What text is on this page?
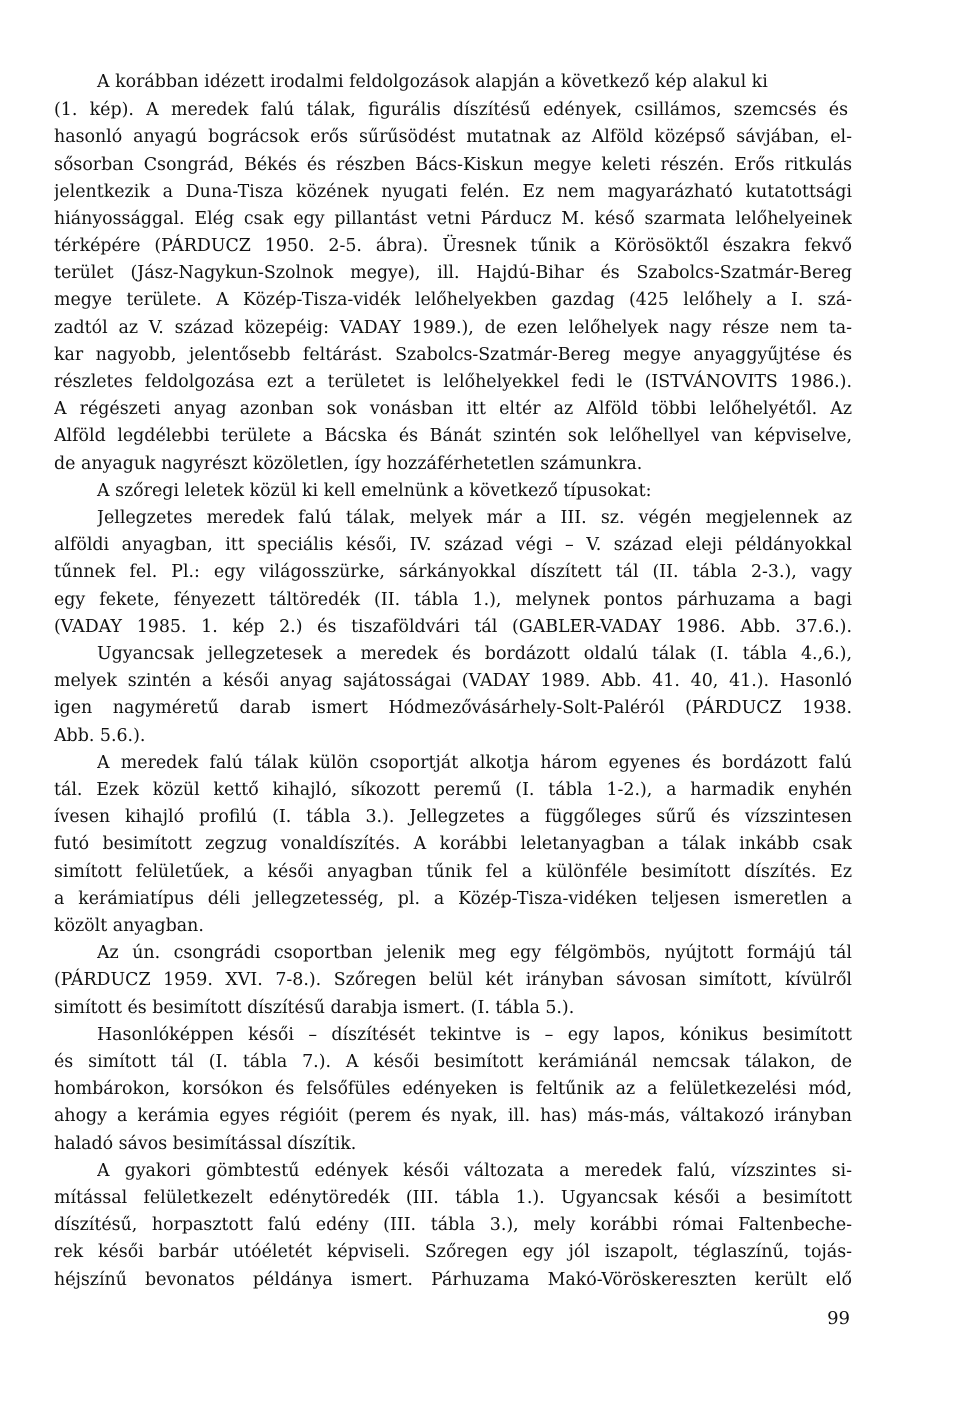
A korábban idézett irodalmi feldolgozások alapján a következő kép alakul ki
(1. kép). A meredek falú tálak, figurális díszítésű edények, csillámos, szemcsés és
hasonló anyagú bográcsok erős sűrűsödést mutatnak az Alföld középső sávjában, el-
sősorban Csongrád, Békés és részben Bács-Kiskun megye keleti részén. Erős ritkulás
jelentkezik a Duna-Tisza közének nyugati felén. Ez nem magyarázható kutatottsági
hiányossággal. Elég csak egy pillantást vetni Párducz M. késő szarmata lelőhelyeinek
térképére (PÁRDUCZ 1950. 2-5. ábra). Üresnek tűnik a Körösöktől északra fekvő
terület (Jász-Nagykun-Szolnok megye), ill. Hajdú-Bihar és Szabolcs-Szatmár-Bereg
megye területe. A Közép-Tisza-vidék lelőhelyekben gazdag (425 lelőhely a I. szá-
zadtól az V. század közepéig: VADAY 1989.), de ezen lelőhelyek nagy része nem ta-
kar nagyobb, jelentősebb feltárást. Szabolcs-Szatmár-Bereg megye anyaggyűjtése és
részletes feldolgozása ezt a területet is lelőhelyekkel fedi le (ISTVÁNOVITS 1986.).
A régészeti anyag azonban sok vonásban itt eltér az Alföld többi lelőhelyétől. Az
Alföld legdélebbi területe a Bácska és Bánát szintén sok lelőhellyel van képviselve,
de anyaguk nagyrészt közöletlen, így hozzáférhetetlen számunkra.
A szőregi leletek közül ki kell emelnünk a következő típusokat:
Jellegzetes meredek falú tálak, melyek már a III. sz. végén megjelennek az
alföldi anyagban, itt speciális késői, IV. század végi – V. század eleji példányokkal
tűnnek fel. Pl.: egy világosszürke, sárkányokkal díszített tál (II. tábla 2-3.), vagy
egy fekete, fényezett táltöredék (II. tábla 1.), melynek pontos párhuzama a bagi
(VADAY 1985. 1. kép 2.) és tiszaföldvári tál (GABLER-VADAY 1986. Abb. 37.6.).
Ugyancsak jellegzetesek a meredek és bordázott oldalú tálak (I. tábla 4.,6.),
melyek szintén a késői anyag sajátosságai (VADAY 1989. Abb. 41. 40, 41.). Hasonló
igen nagyméretű darab ismert Hódmezővásárhely-Solt-Paléról (PÁRDUCZ 1938.
Abb. 5.6.).
A meredek falú tálak külön csoportját alkotja három egyenes és bordázott falú
tál. Ezek közül kettő kihajló, síkozott peremű (I. tábla 1-2.), a harmadik enyhén
ívesen kihajló profilú (I. tábla 3.). Jellegzetes a függőleges sűrű és vízszintesen
futó besimított zegzug vonaldíszítés. A korábbi leletanyagban a tálak inkább csak
simított felületűek, a késői anyagban tűnik fel a különféle besimított díszítés. Ez
a kerámiatípus déli jellegzetesség, pl. a Közép-Tisza-vidéken teljesen ismeretlen a
közölt anyagban.
Az ún. csongrádi csoportban jelenik meg egy félgömbös, nyújtott formájú tál
(PÁRDUCZ 1959. XVI. 7-8.). Szőregen belül két irányban sávosan simított, kívülről
simított és besimított díszítésű darabja ismert. (I. tábla 5.).
Hasonlóképpen késői – díszítését tekintve is – egy lapos, kónikus besimított
és simított tál (I. tábla 7.). A késői besimított kerámiánál nemcsak tálakon, de
hombárokon, korsókon és felsőfüles edényeken is feltűnik az a felületkezelési mód,
ahogy a kerámia egyes régióit (perem és nyak, ill. has) más-más, váltakozó irányban
haladó sávos besimítással díszítik.
A gyakori gömbtestű edények késői változata a meredek falú, vízszintes si-
mítással felületkezelt edénytöredék (III. tábla 1.). Ugyancsak késői a besimított
díszítésű, horpasztott falú edény (III. tábla 3.), mely korábbi római Faltenbeche-
rek késői barbár utóéletét képviseli. Szőregen egy jól iszapolt, téglaszínű, tojás-
héjszínű bevonatos példánya ismert. Párhuzama Makó-Vöröskereszten került elő
99
